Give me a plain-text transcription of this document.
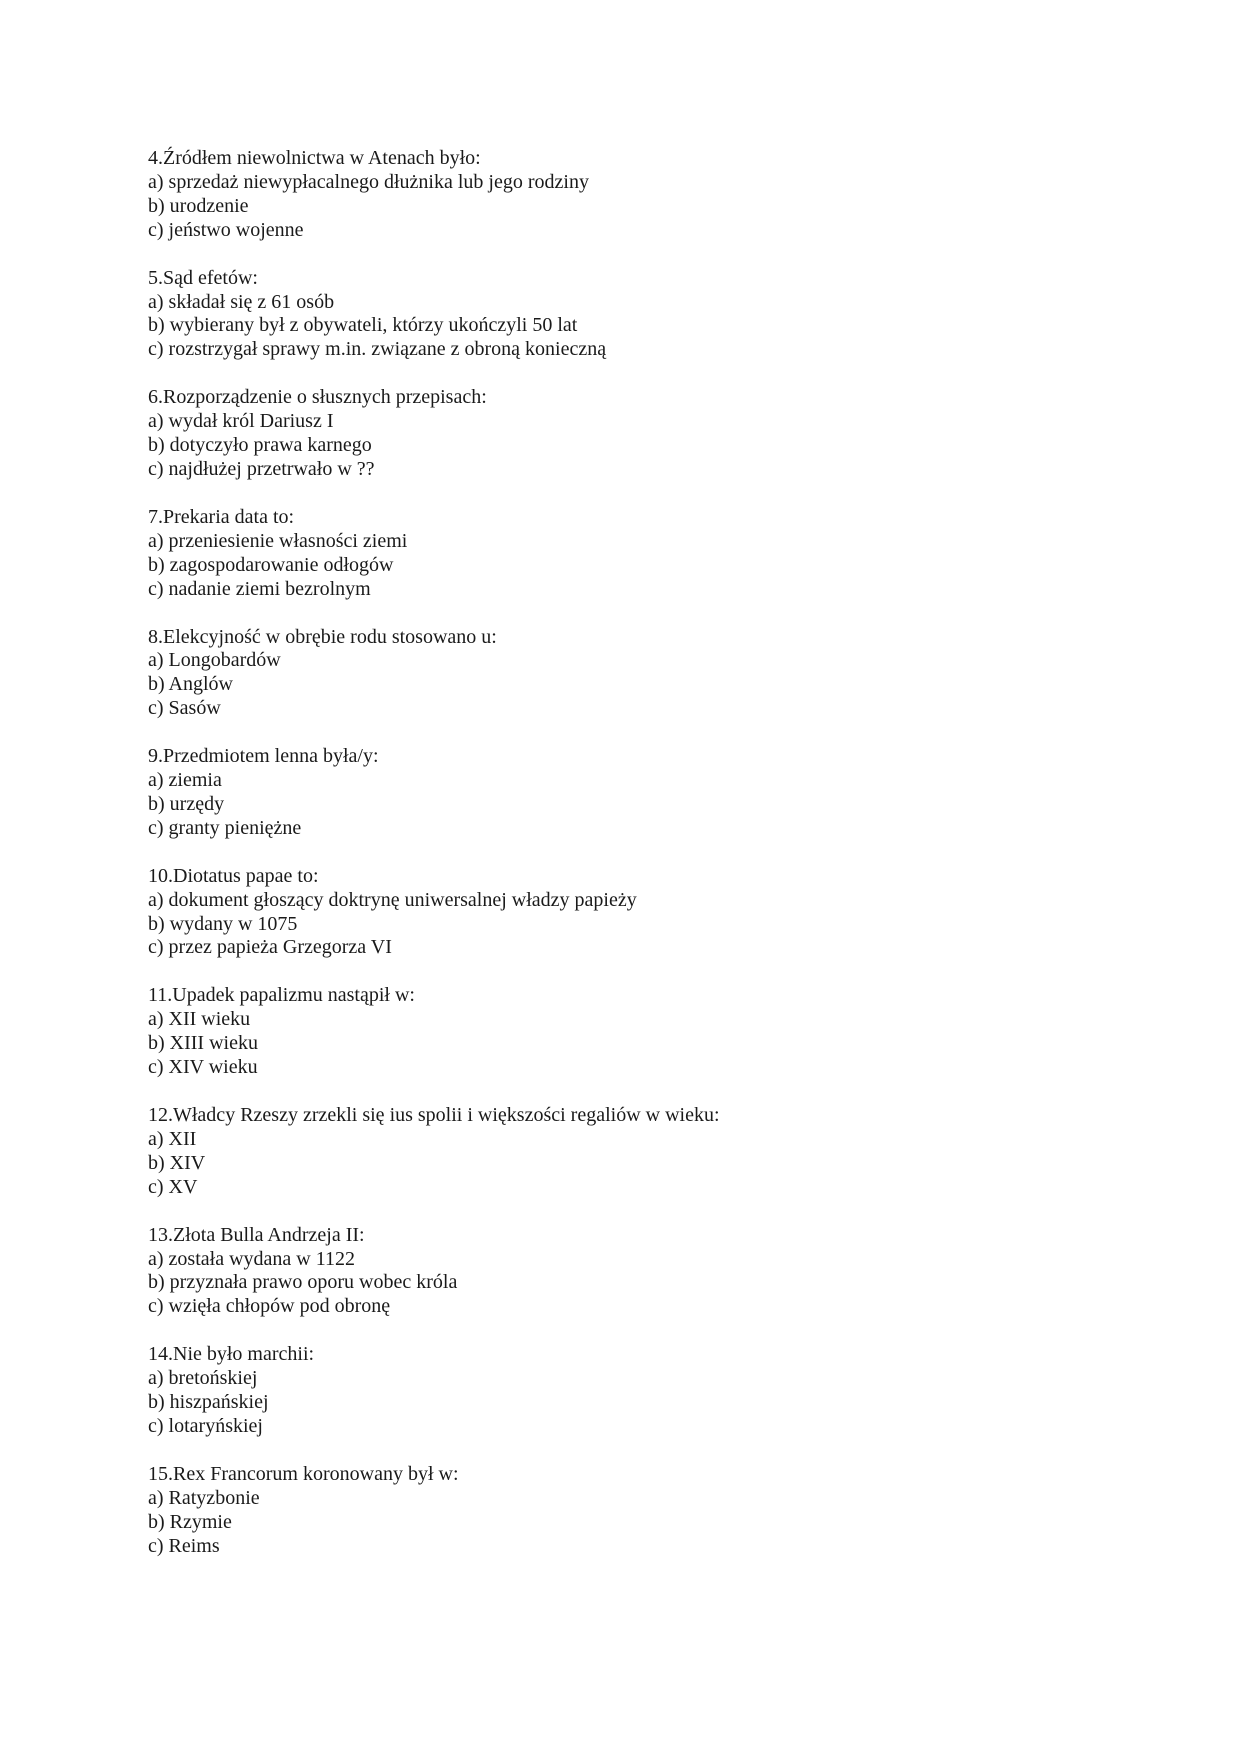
4.Źródłem niewolnictwa w Atenach było:
a) sprzedaż niewypłacalnego dłużnika lub jego rodziny
b) urodzenie
c) jeństwo wojenne
5.Sąd efetów:
a) składał się z 61 osób
b) wybierany był z obywateli, którzy ukończyli 50 lat
c) rozstrzygał sprawy m.in. związane z obroną konieczną
6.Rozporządzenie o słusznych przepisach:
a) wydał król Dariusz I
b) dotyczyło prawa karnego
c) najdłużej przetrwało w ??
7.Prekaria data to:
a) przeniesienie własności ziemi
b) zagospodarowanie odłogów
c) nadanie ziemi bezrolnym
8.Elekcyjność w obrębie rodu stosowano u:
a) Longobardów
b) Anglów
c) Sasów
9.Przedmiotem lenna była/y:
a) ziemia
b) urzędy
c) granty pieniężne
10.Diotatus papae to:
a) dokument głoszący doktrynę uniwersalnej władzy papieży
b) wydany w 1075
c) przez papieża Grzegorza VI
11.Upadek papalizmu nastąpił w:
a) XII wieku
b) XIII wieku
c) XIV wieku
12.Władcy Rzeszy zrzekli się ius spolii i większości regaliów w wieku:
a) XII
b) XIV
c) XV
13.Złota Bulla Andrzeja II:
a) została wydana w 1122
b) przyznała prawo oporu wobec króla
c) wzięła chłopów pod obronę
14.Nie było marchii:
a) bretońskiej
b) hiszpańskiej
c) lotaryńskiej
15.Rex Francorum koronowany był w:
a) Ratyzbonie
b) Rzymie
c) Reims
